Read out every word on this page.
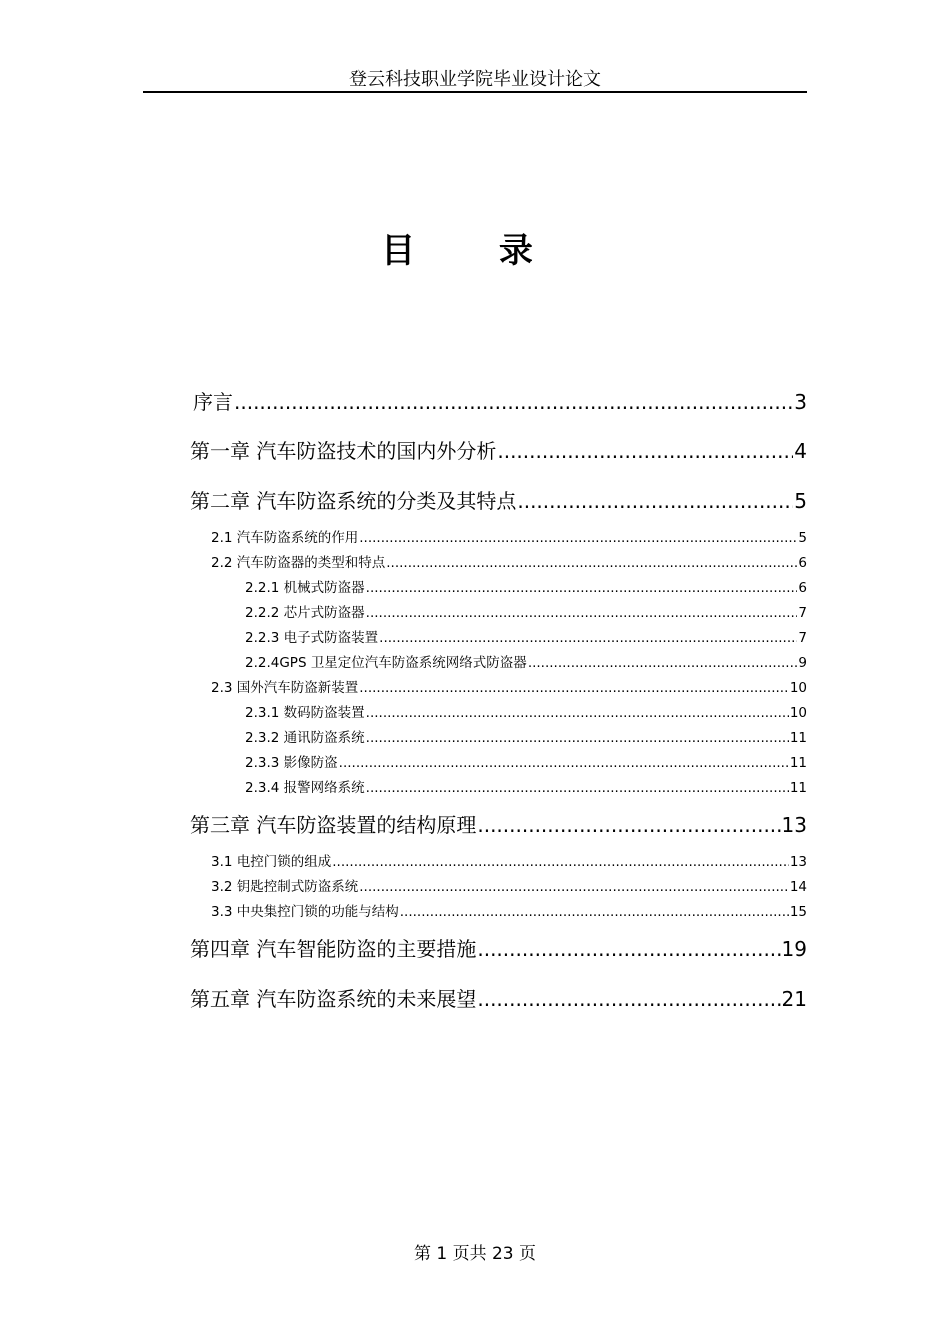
登云科技职业学院毕业设计论文
目 录
序言 .....	3
第一章 汽车防盗技术的国内外分析 .....	4
第二章 汽车防盗系统的分类及其特点 .....	5
2.1 汽车防盗系统的作用 .....	5
2.2 汽车防盗器的类型和特点 .....	6
2.2.1 机械式防盗器 .....	6
2.2.2 芯片式防盗器 .....	7
2.2.3 电子式防盗装置 .....	7
2.2.4GPS 卫星定位汽车防盗系统网络式防盗器 .....	9
2.3 国外汽车防盗新装置 .....	10
2.3.1 数码防盗装置 .....	10
2.3.2 通讯防盗系统 .....	11
2.3.3 影像防盗 .....	11
2.3.4 报警网络系统 .....	11
第三章 汽车防盗装置的结构原理 .....	13
3.1 电控门锁的组成 .....	13
3.2 钥匙控制式防盗系统 .....	14
3.3 中央集控门锁的功能与结构 .....	15
第四章 汽车智能防盗的主要措施 .....	19
第五章 汽车防盗系统的未来展望 .....	21
第 1 页共 23 页
